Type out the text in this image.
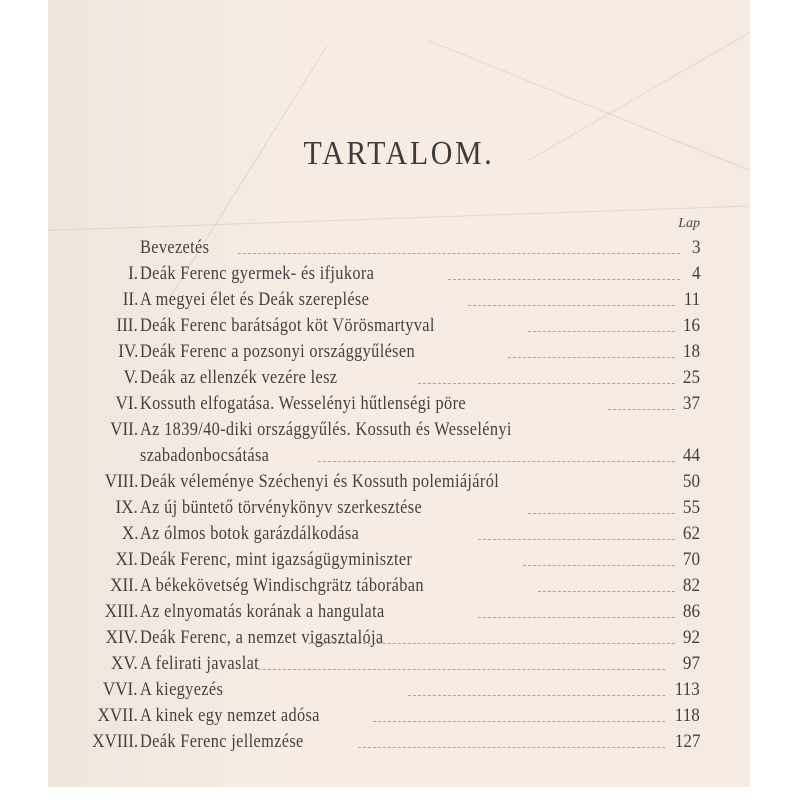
TARTALOM.
Lap
Bevezetés	3
I. Deák Ferenc gyermek- és ifjukora	4
II. A megyei élet és Deák szereplése	11
III. Deák Ferenc barátságot köt Vörösmartyval	16
IV. Deák Ferenc a pozsonyi országgyűlésen	18
V. Deák az ellenzék vezére lesz	25
VI. Kossuth elfogatása. Wesselényi hűtlenségi pöre	37
VII. Az 1839/40-diki országgyűlés. Kossuth és Wesselényi
szabadonbocsátása	44
VIII. Deák véleménye Széchenyi és Kossuth polemiájáról	50
IX. Az új büntető törvénykönyv szerkesztése	55
X. Az ólmos botok garázdálkodása	62
XI. Deák Ferenc, mint igazságügyminiszter	70
XII. A békekövetség Windischgrätz táborában	82
XIII. Az elnyomatás korának a hangulata	86
XIV. Deák Ferenc, a nemzet vigasztalója	92
XV. A felirati javaslat	97
VVI. A kiegyezés	113
XVII. A kinek egy nemzet adósa	118
XVIII. Deák Ferenc jellemzése	127
